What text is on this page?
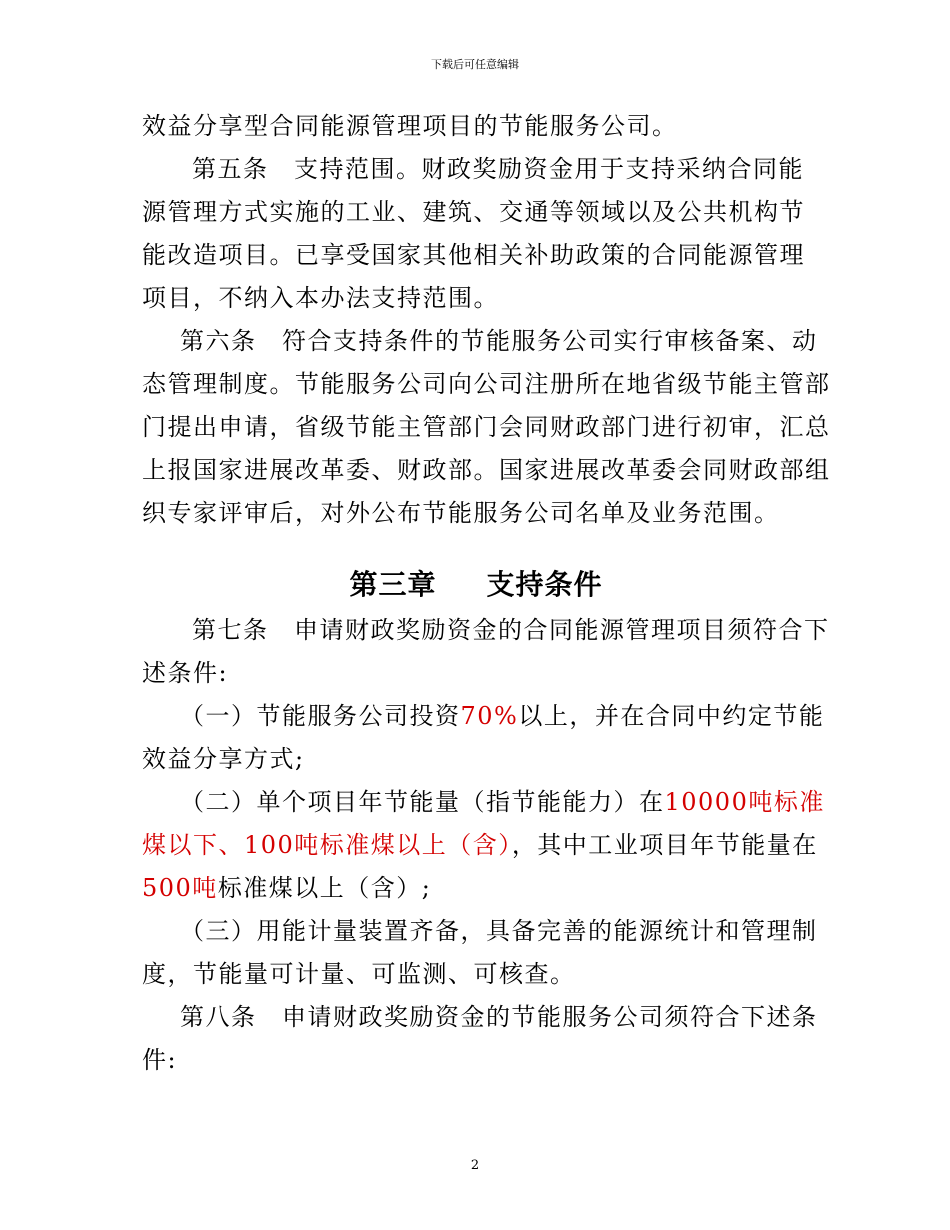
下载后可任意编辑
效益分享型合同能源管理项目的节能服务公司。
第五条　支持范围。财政奖励资金用于支持采纳合同能
源管理方式实施的工业、建筑、交通等领域以及公共机构节
能改造项目。已享受国家其他相关补助政策的合同能源管理
项目，不纳入本办法支持范围。
第六条　符合支持条件的节能服务公司实行审核备案、动
态管理制度。节能服务公司向公司注册所在地省级节能主管部
门提出申请，省级节能主管部门会同财政部门进行初审，汇总
上报国家进展改革委、财政部。国家进展改革委会同财政部组
织专家评审后，对外公布节能服务公司名单及业务范围。
第三章 支持条件
第七条　申请财政奖励资金的合同能源管理项目须符合下
述条件:
（一）节能服务公司投资70%以上，并在合同中约定节能
效益分享方式;
（二）单个项目年节能量（指节能能力）在10000吨标准
煤以下、100吨标准煤以上（含），其中工业项目年节能量在
500吨标准煤以上（含）;
（三）用能计量装置齐备，具备完善的能源统计和管理制
度，节能量可计量、可监测、可核查。
第八条　申请财政奖励资金的节能服务公司须符合下述条
件:
2
